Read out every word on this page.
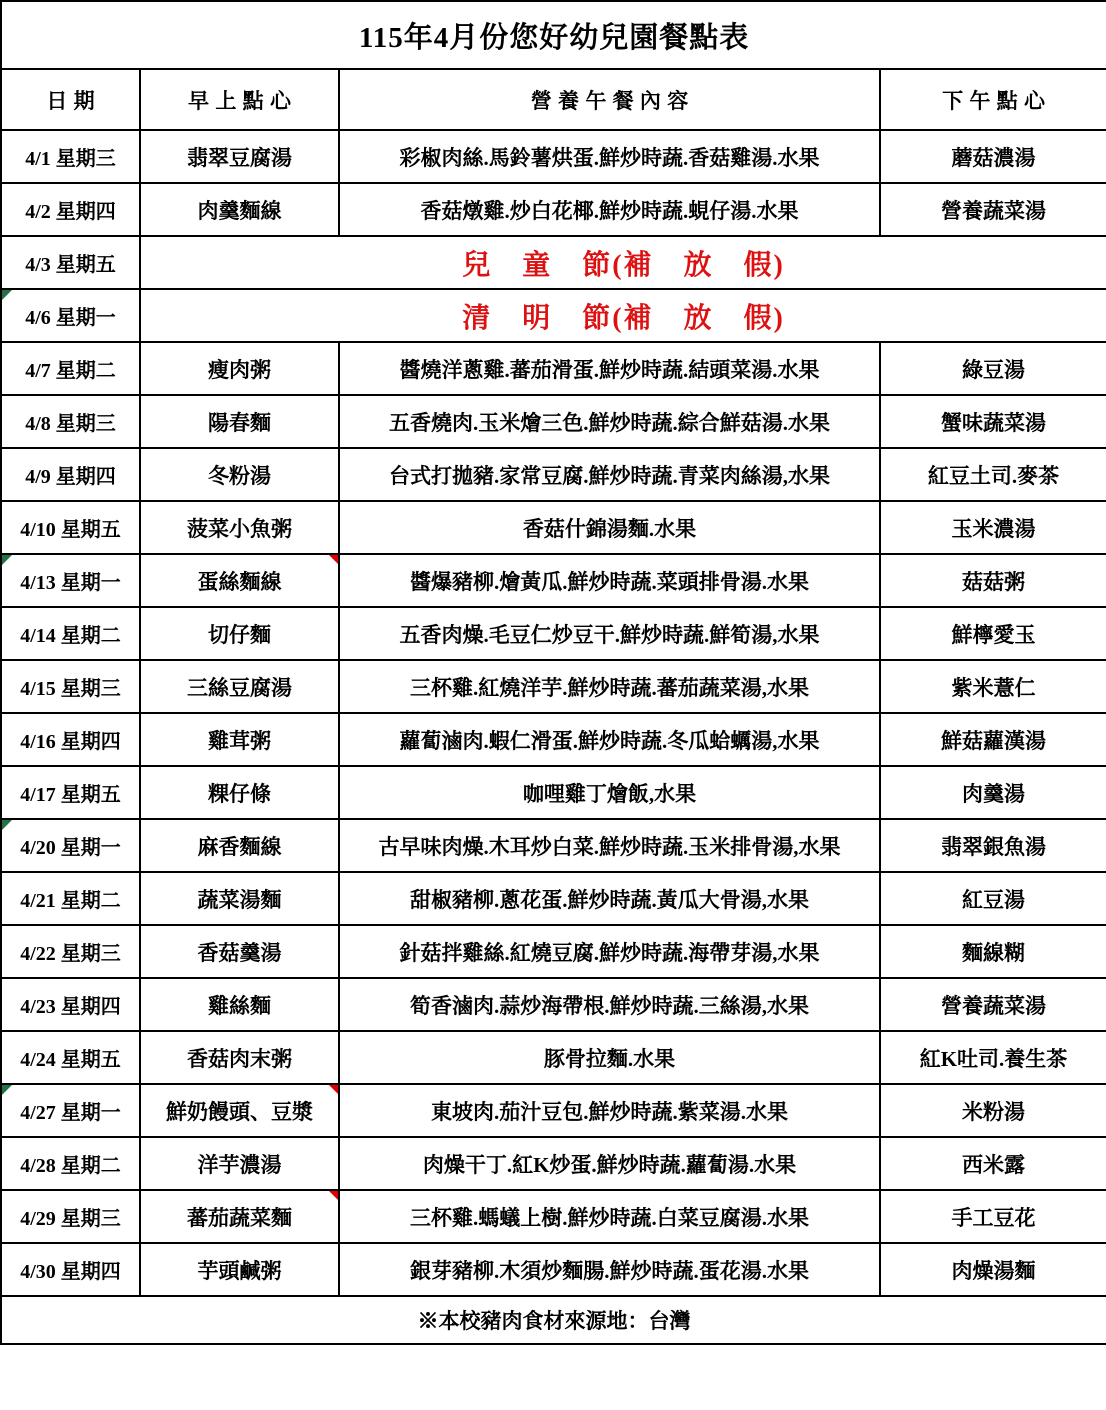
115年4月份您好幼兒園餐點表			
日期	早上點心	營養午餐內容	下午點心
4/1 星期三	翡翠豆腐湯	彩椒肉絲.馬鈴薯烘蛋.鮮炒時蔬.香菇雞湯.水果	蘑菇濃湯
4/2 星期四	肉羹麵線	香菇燉雞.炒白花椰.鮮炒時蔬.蜆仔湯.水果	營養蔬菜湯
4/3 星期五	兒　童　節(補　放　假)		
4/6 星期一	清　明　節(補　放　假)		
4/7 星期二	瘦肉粥	醬燒洋蔥雞.蕃茄滑蛋.鮮炒時蔬.結頭菜湯.水果	綠豆湯
4/8 星期三	陽春麵	五香燒肉.玉米燴三色.鮮炒時蔬.綜合鮮菇湯.水果	蟹味蔬菜湯
4/9 星期四	冬粉湯	台式打拋豬.家常豆腐.鮮炒時蔬.青菜肉絲湯,水果	紅豆土司.麥茶
4/10 星期五	菠菜小魚粥	香菇什錦湯麵.水果	玉米濃湯
4/13 星期一	蛋絲麵線	醬爆豬柳.燴黃瓜.鮮炒時蔬.菜頭排骨湯.水果	菇菇粥
4/14 星期二	切仔麵	五香肉燥.毛豆仁炒豆干.鮮炒時蔬.鮮筍湯,水果	鮮檸愛玉
4/15 星期三	三絲豆腐湯	三杯雞.紅燒洋芋.鮮炒時蔬.蕃茄蔬菜湯,水果	紫米薏仁
4/16 星期四	雞茸粥	蘿蔔滷肉.蝦仁滑蛋.鮮炒時蔬.冬瓜蛤蠣湯,水果	鮮菇蘿漢湯
4/17 星期五	粿仔條	咖哩雞丁燴飯,水果	肉羹湯
4/20 星期一	麻香麵線	古早味肉燥.木耳炒白菜.鮮炒時蔬.玉米排骨湯,水果	翡翠銀魚湯
4/21 星期二	蔬菜湯麵	甜椒豬柳.蔥花蛋.鮮炒時蔬.黃瓜大骨湯,水果	紅豆湯
4/22 星期三	香菇羹湯	針菇拌雞絲.紅燒豆腐.鮮炒時蔬.海帶芽湯,水果	麵線糊
4/23 星期四	雞絲麵	筍香滷肉.蒜炒海帶根.鮮炒時蔬.三絲湯,水果	營養蔬菜湯
4/24 星期五	香菇肉末粥	豚骨拉麵.水果	紅K吐司.養生茶
4/27 星期一	鮮奶饅頭、豆漿	東坡肉.茄汁豆包.鮮炒時蔬.紫菜湯.水果	米粉湯
4/28 星期二	洋芋濃湯	肉燥干丁.紅K炒蛋.鮮炒時蔬.蘿蔔湯.水果	西米露
4/29 星期三	蕃茄蔬菜麵	三杯雞.螞蟻上樹.鮮炒時蔬.白菜豆腐湯.水果	手工豆花
4/30 星期四	芋頭鹹粥	銀芽豬柳.木須炒麵腸.鮮炒時蔬.蛋花湯.水果	肉燥湯麵
※本校豬肉食材來源地：台灣			
